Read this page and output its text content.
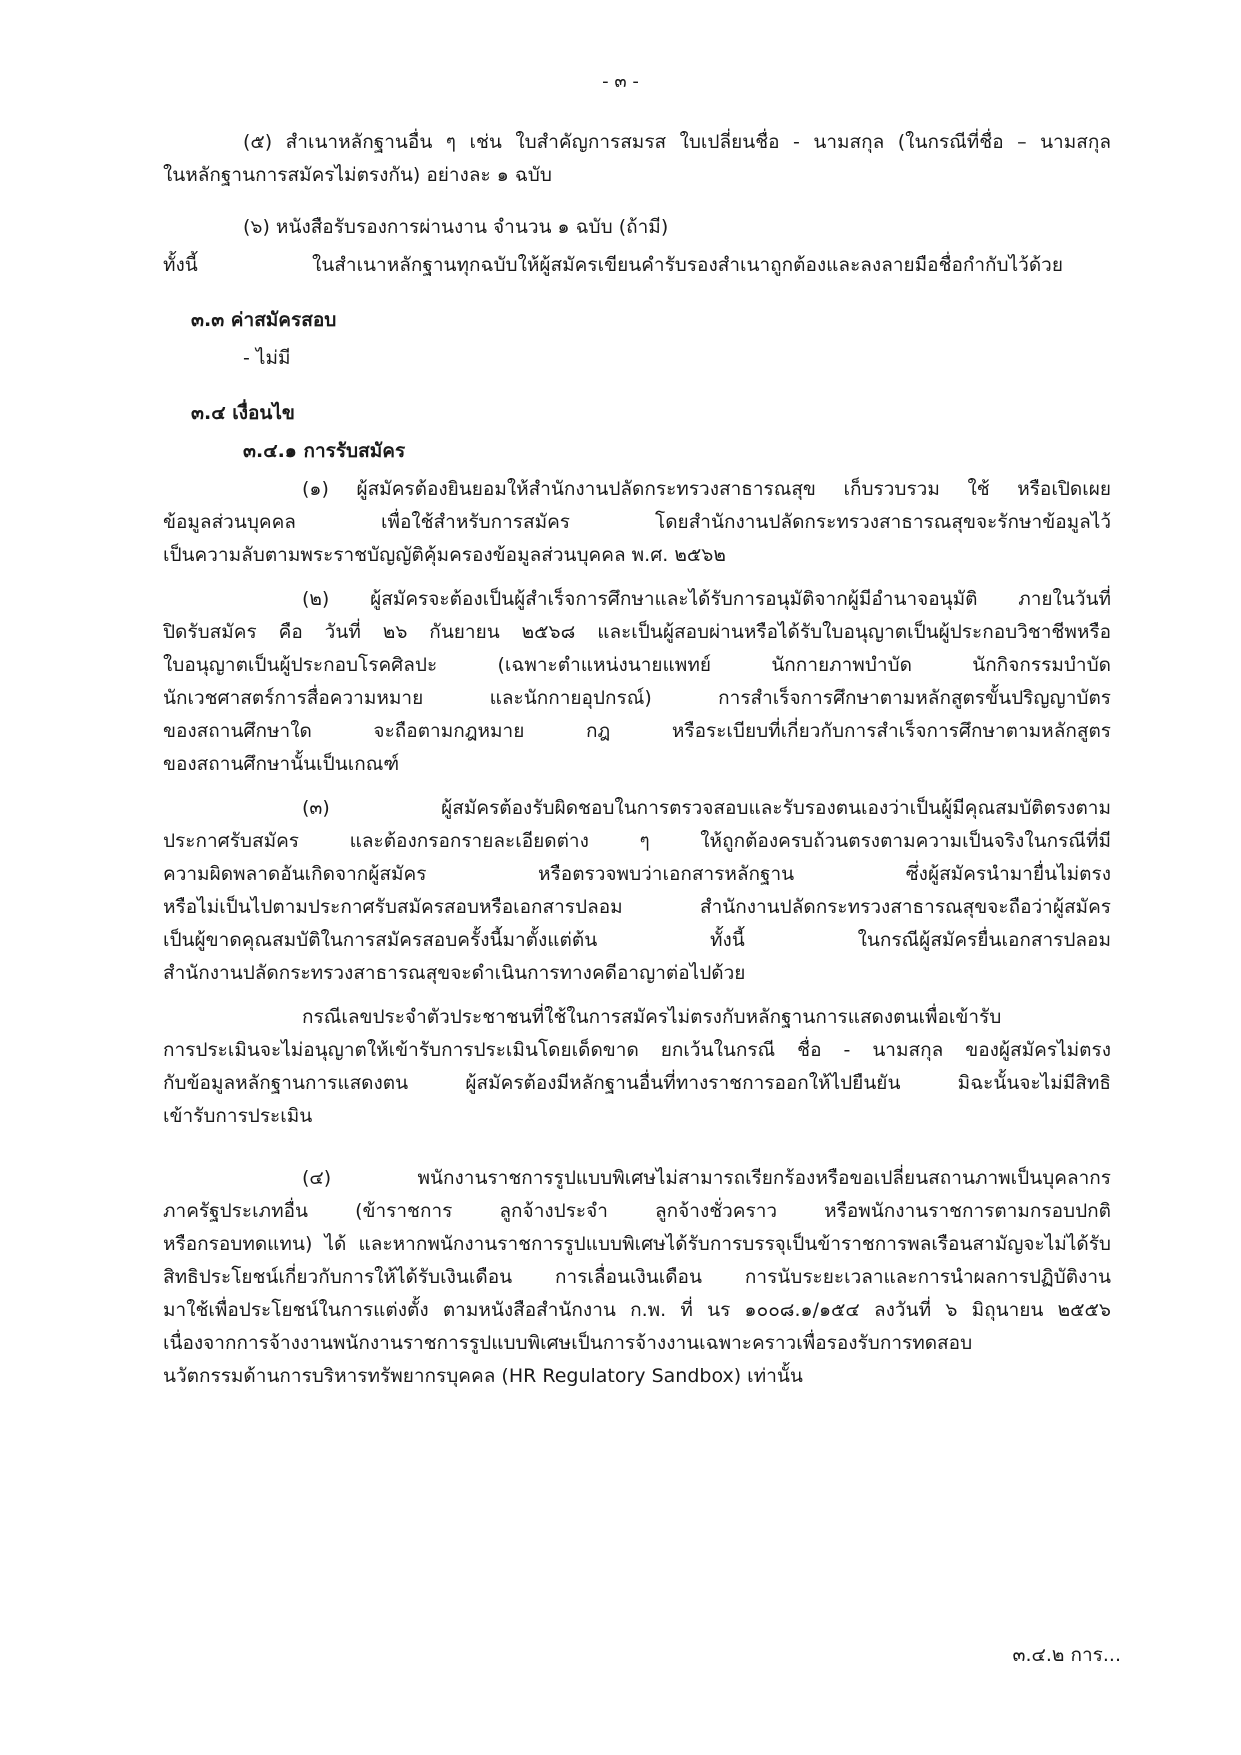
- ๓ -
(๕) สำเนาหลักฐานอื่น ๆ เช่น ใบสำคัญการสมรส ใบเปลี่ยนชื่อ - นามสกุล (ในกรณีที่ชื่อ – นามสกุล
ในหลักฐานการสมัครไม่ตรงกัน) อย่างละ ๑ ฉบับ
(๖) หนังสือรับรองการผ่านงาน จำนวน ๑ ฉบับ (ถ้ามี)
ทั้งนี้ ในสำเนาหลักฐานทุกฉบับให้ผู้สมัครเขียนคำรับรองสำเนาถูกต้องและลงลายมือชื่อกำกับไว้ด้วย
๓.๓ ค่าสมัครสอบ
- ไม่มี
๓.๔ เงื่อนไข
๓.๔.๑ การรับสมัคร
(๑) ผู้สมัครต้องยินยอมให้สำนักงานปลัดกระทรวงสาธารณสุข เก็บรวบรวม ใช้ หรือเปิดเผย
ข้อมูลส่วนบุคคล เพื่อใช้สำหรับการสมัคร โดยสำนักงานปลัดกระทรวงสาธารณสุขจะรักษาข้อมูลไว้
เป็นความลับตามพระราชบัญญัติคุ้มครองข้อมูลส่วนบุคคล พ.ศ. ๒๕๖๒
(๒) ผู้สมัครจะต้องเป็นผู้สำเร็จการศึกษาและได้รับการอนุมัติจากผู้มีอำนาจอนุมัติ ภายในวันที่
ปิดรับสมัคร คือ วันที่ ๒๖ กันยายน ๒๕๖๘ และเป็นผู้สอบผ่านหรือได้รับใบอนุญาตเป็นผู้ประกอบวิชาชีพหรือ
ใบอนุญาตเป็นผู้ประกอบโรคศิลปะ (เฉพาะตำแหน่งนายแพทย์ นักกายภาพบำบัด นักกิจกรรมบำบัด
นักเวชศาสตร์การสื่อความหมาย และนักกายอุปกรณ์) การสำเร็จการศึกษาตามหลักสูตรขั้นปริญญาบัตร
ของสถานศึกษาใด จะถือตามกฎหมาย กฎ หรือระเบียบที่เกี่ยวกับการสำเร็จการศึกษาตามหลักสูตร
ของสถานศึกษานั้นเป็นเกณฑ์
(๓) ผู้สมัครต้องรับผิดชอบในการตรวจสอบและรับรองตนเองว่าเป็นผู้มีคุณสมบัติตรงตาม
ประกาศรับสมัคร และต้องกรอกรายละเอียดต่าง ๆ ให้ถูกต้องครบถ้วนตรงตามความเป็นจริงในกรณีที่มี
ความผิดพลาดอันเกิดจากผู้สมัคร หรือตรวจพบว่าเอกสารหลักฐาน ซึ่งผู้สมัครนำมายื่นไม่ตรง
หรือไม่เป็นไปตามประกาศรับสมัครสอบหรือเอกสารปลอม สำนักงานปลัดกระทรวงสาธารณสุขจะถือว่าผู้สมัคร
เป็นผู้ขาดคุณสมบัติในการสมัครสอบครั้งนี้มาตั้งแต่ต้น ทั้งนี้ ในกรณีผู้สมัครยื่นเอกสารปลอม
สำนักงานปลัดกระทรวงสาธารณสุขจะดำเนินการทางคดีอาญาต่อไปด้วย
กรณีเลขประจำตัวประชาชนที่ใช้ในการสมัครไม่ตรงกับหลักฐานการแสดงตนเพื่อเข้ารับ
การประเมินจะไม่อนุญาตให้เข้ารับการประเมินโดยเด็ดขาด ยกเว้นในกรณี ชื่อ - นามสกุล ของผู้สมัครไม่ตรง
กับข้อมูลหลักฐานการแสดงตน ผู้สมัครต้องมีหลักฐานอื่นที่ทางราชการออกให้ไปยืนยัน มิฉะนั้นจะไม่มีสิทธิ
เข้ารับการประเมิน
(๔) พนักงานราชการรูปแบบพิเศษไม่สามารถเรียกร้องหรือขอเปลี่ยนสถานภาพเป็นบุคลากร
ภาครัฐประเภทอื่น (ข้าราชการ ลูกจ้างประจำ ลูกจ้างชั่วคราว หรือพนักงานราชการตามกรอบปกติ
หรือกรอบทดแทน) ได้ และหากพนักงานราชการรูปแบบพิเศษได้รับการบรรจุเป็นข้าราชการพลเรือนสามัญจะไม่ได้รับ
สิทธิประโยชน์เกี่ยวกับการให้ได้รับเงินเดือน การเลื่อนเงินเดือน การนับระยะเวลาและการนำผลการปฏิบัติงาน
มาใช้เพื่อประโยชน์ในการแต่งตั้ง ตามหนังสือสำนักงาน ก.พ. ที่ นร ๑๐๐๘.๑/๑๕๔ ลงวันที่ ๖ มิถุนายน ๒๕๕๖
เนื่องจากการจ้างงานพนักงานราชการรูปแบบพิเศษเป็นการจ้างงานเฉพาะคราวเพื่อรองรับการทดสอบ
นวัตกรรมด้านการบริหารทรัพยากรบุคคล (HR Regulatory Sandbox) เท่านั้น
๓.๔.๒ การ...
